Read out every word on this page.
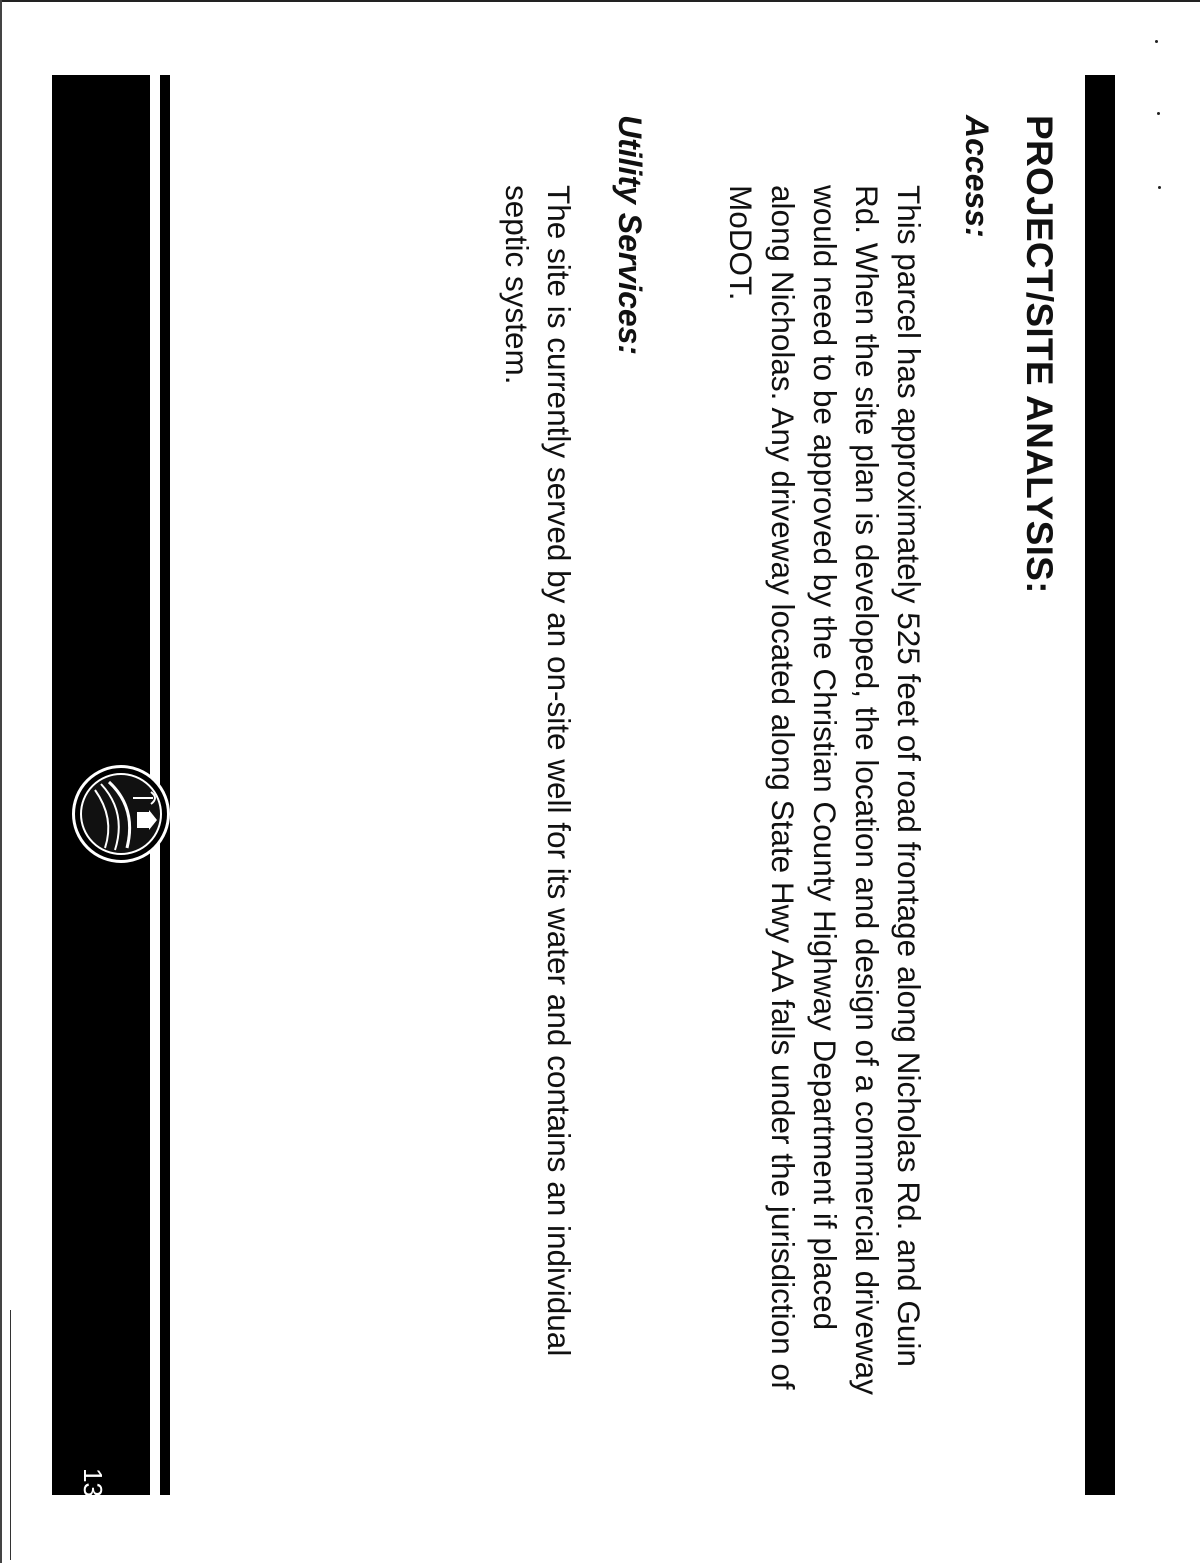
PROJECT/SITE ANALYSIS:
Access:

This parcel has approximately 525 feet of road frontage along Nicholas Rd. and Guin Rd. When the site plan is developed, the location and design of a commercial driveway would need to be approved by the Christian County Highway Department if placed along Nicholas. Any driveway located along State Hwy AA falls under the jurisdiction of MoDOT.

Utility Services:

The site is currently served by an on-site well for its water and contains an individual septic system.

13
